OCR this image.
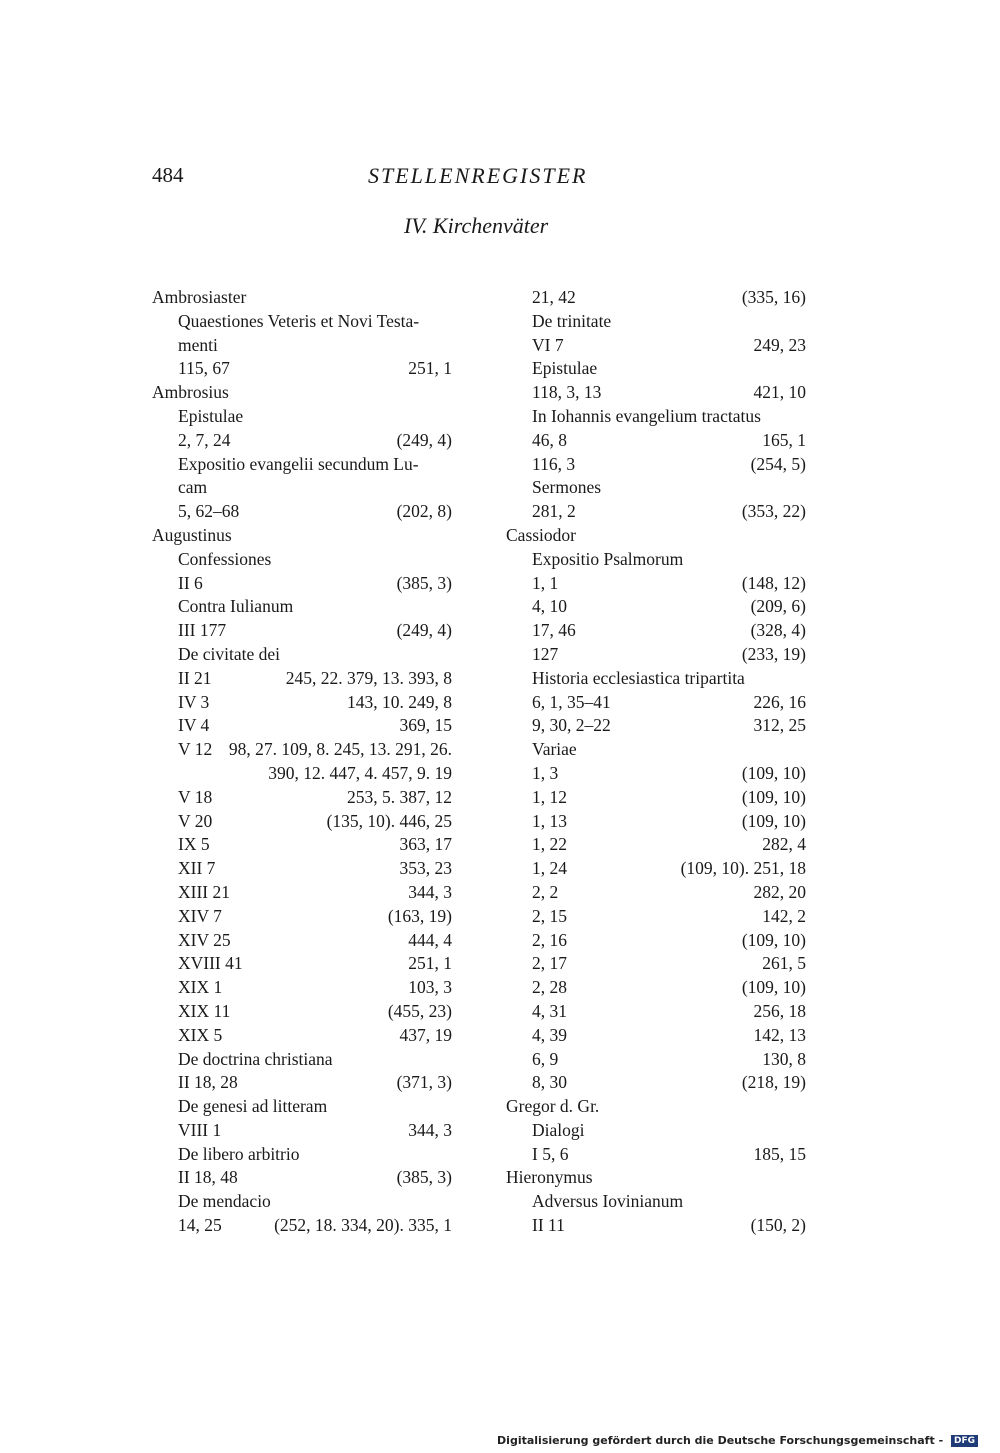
484	STELLENREGISTER
IV. Kirchenväter
Ambrosiaster
Quaestiones Veteris et Novi Testa-
menti
115, 67	251, 1
Ambrosius
Epistulae
2, 7, 24	(249, 4)
Expositio evangelii secundum Lu-
cam
5, 62–68	(202, 8)
Augustinus
Confessiones
II 6	(385, 3)
Contra Iulianum
III 177	(249, 4)
De civitate dei
II 21	245, 22. 379, 13. 393, 8
IV 3	143, 10. 249, 8
IV 4	369, 15
V 12 98, 27. 109, 8. 245, 13. 291, 26.
390, 12. 447, 4. 457, 9. 19
V 18	253, 5. 387, 12
V 20	(135, 10). 446, 25
IX 5	363, 17
XII 7	353, 23
XIII 21	344, 3
XIV 7	(163, 19)
XIV 25	444, 4
XVIII 41	251, 1
XIX 1	103, 3
XIX 11	(455, 23)
XIX 5	437, 19
De doctrina christiana
II 18, 28	(371, 3)
De genesi ad litteram
VIII 1	344, 3
De libero arbitrio
II 18, 48	(385, 3)
De mendacio
14, 25	(252, 18. 334, 20). 335, 1
21, 42	(335, 16)
De trinitate
VI 7	249, 23
Epistulae
118, 3, 13	421, 10
In Iohannis evangelium tractatus
46, 8	165, 1
116, 3	(254, 5)
Sermones
281, 2	(353, 22)
Cassiodor
Expositio Psalmorum
1, 1	(148, 12)
4, 10	(209, 6)
17, 46	(328, 4)
127	(233, 19)
Historia ecclesiastica tripartita
6, 1, 35–41	226, 16
9, 30, 2–22	312, 25
Variae
1, 3	(109, 10)
1, 12	(109, 10)
1, 13	(109, 10)
1, 22	282, 4
1, 24	(109, 10). 251, 18
2, 2	282, 20
2, 15	142, 2
2, 16	(109, 10)
2, 17	261, 5
2, 28	(109, 10)
4, 31	256, 18
4, 39	142, 13
6, 9	130, 8
8, 30	(218, 19)
Gregor d. Gr.
Dialogi
I 5, 6	185, 15
Hieronymus
Adversus Iovinianum
II 11	(150, 2)
Digitalisierung gefördert durch die Deutsche Forschungsgemeinschaft - DFG
